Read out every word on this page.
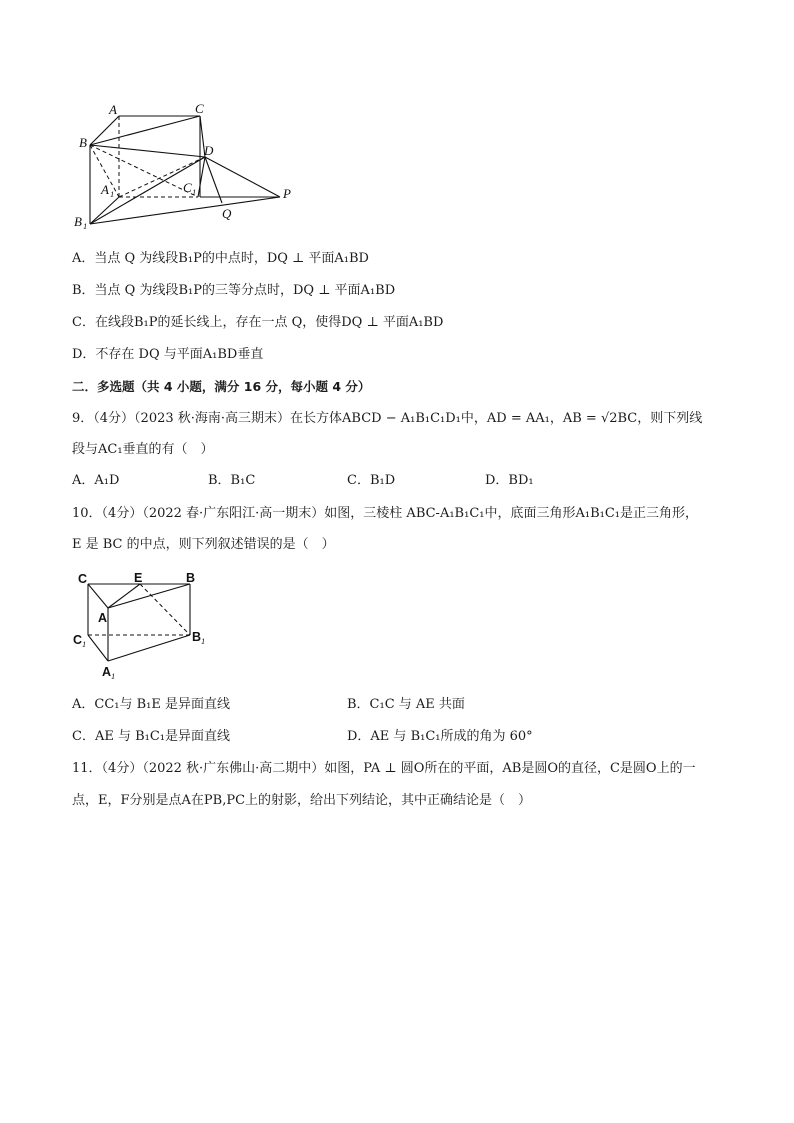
A	C
B
D
A 1	C 1	P
Q
B 1
A．当点 Q 为线段B₁P的中点时，DQ ⊥ 平面A₁BD
B．当点 Q 为线段B₁P的三等分点时，DQ ⊥ 平面A₁BD
C．在线段B₁P的延长线上，存在一点 Q，使得DQ ⊥ 平面A₁BD
D．不存在 DQ 与平面A₁BD垂直
二．多选题（共 4 小题，满分 16 分，每小题 4 分）
9．（4分）（2023 秋·海南·高三期末）在长方体ABCD − A₁B₁C₁D₁中，AD = AA₁，AB = √2BC，则下列线
段与AC₁垂直的有（　）
A．A₁D	B．B₁C	C．B₁D	D．BD₁
10．（4分）（2022 春·广东阳江·高一期末）如图，三棱柱 ABC-A₁B₁C₁中，底面三角形A₁B₁C₁是正三角形，
E 是 BC 的中点，则下列叙述错误的是（　）
C	E	B
A
C 1	B 1
A 1
A．CC₁与 B₁E 是异面直线	B．C₁C 与 AE 共面
C．AE 与 B₁C₁是异面直线	D．AE 与 B₁C₁所成的角为 60°
11．（4分）（2022 秋·广东佛山·高二期中）如图，PA ⊥ 圆O所在的平面，AB是圆O的直径，C是圆O上的一
点，E，F分别是点A在PB,PC上的射影，给出下列结论，其中正确结论是（　）
